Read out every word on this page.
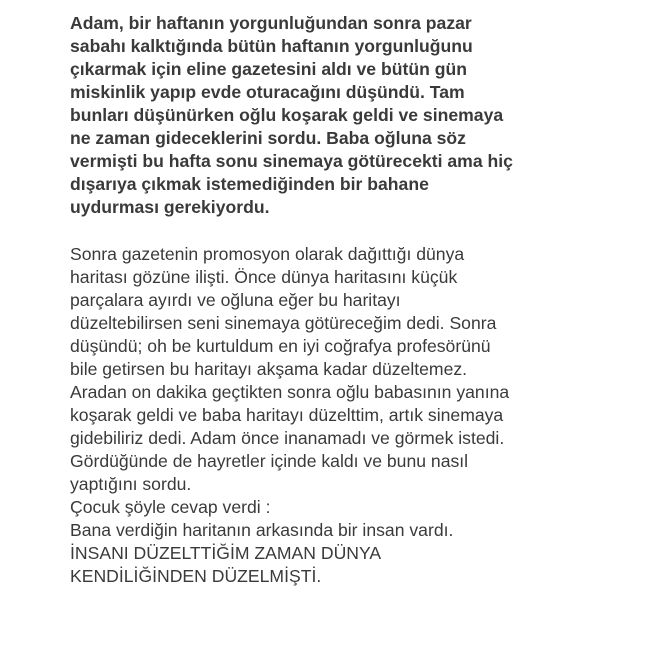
Adam, bir haftanın yorgunluğundan sonra pazar
sabahı kalktığında bütün haftanın yorgunluğunu
çıkarmak için eline gazetesini aldı ve bütün gün
miskinlik yapıp evde oturacağını düşündü. Tam
bunları düşünürken oğlu koşarak geldi ve sinemaya
ne zaman gideceklerini sordu. Baba oğluna söz
vermişti bu hafta sonu sinemaya götürecekti ama hiç
dışarıya çıkmak istemediğinden bir bahane
uydurması gerekiyordu.

Sonra gazetenin promosyon olarak dağıttığı dünya
haritası gözüne ilişti. Önce dünya haritasını küçük
parçalara ayırdı ve oğluna eğer bu haritayı
düzeltebilirsen seni sinemaya götüreceğim dedi. Sonra
düşündü; oh be kurtuldum en iyi coğrafya profesörünü
bile getirsen bu haritayı akşama kadar düzeltemez.
Aradan on dakika geçtikten sonra oğlu babasının yanına
koşarak geldi ve baba haritayı düzelttim, artık sinemaya
gidebiliriz dedi. Adam önce inanamadı ve görmek istedi.
Gördüğünde de hayretler içinde kaldı ve bunu nasıl
yaptığını sordu.
Çocuk şöyle cevap verdi :
Bana verdiğin haritanın arkasında bir insan vardı.
İNSANI DÜZELTTİĞİM ZAMAN DÜNYA
KENDİLİĞİNDEN DÜZELMİŞTİ.
